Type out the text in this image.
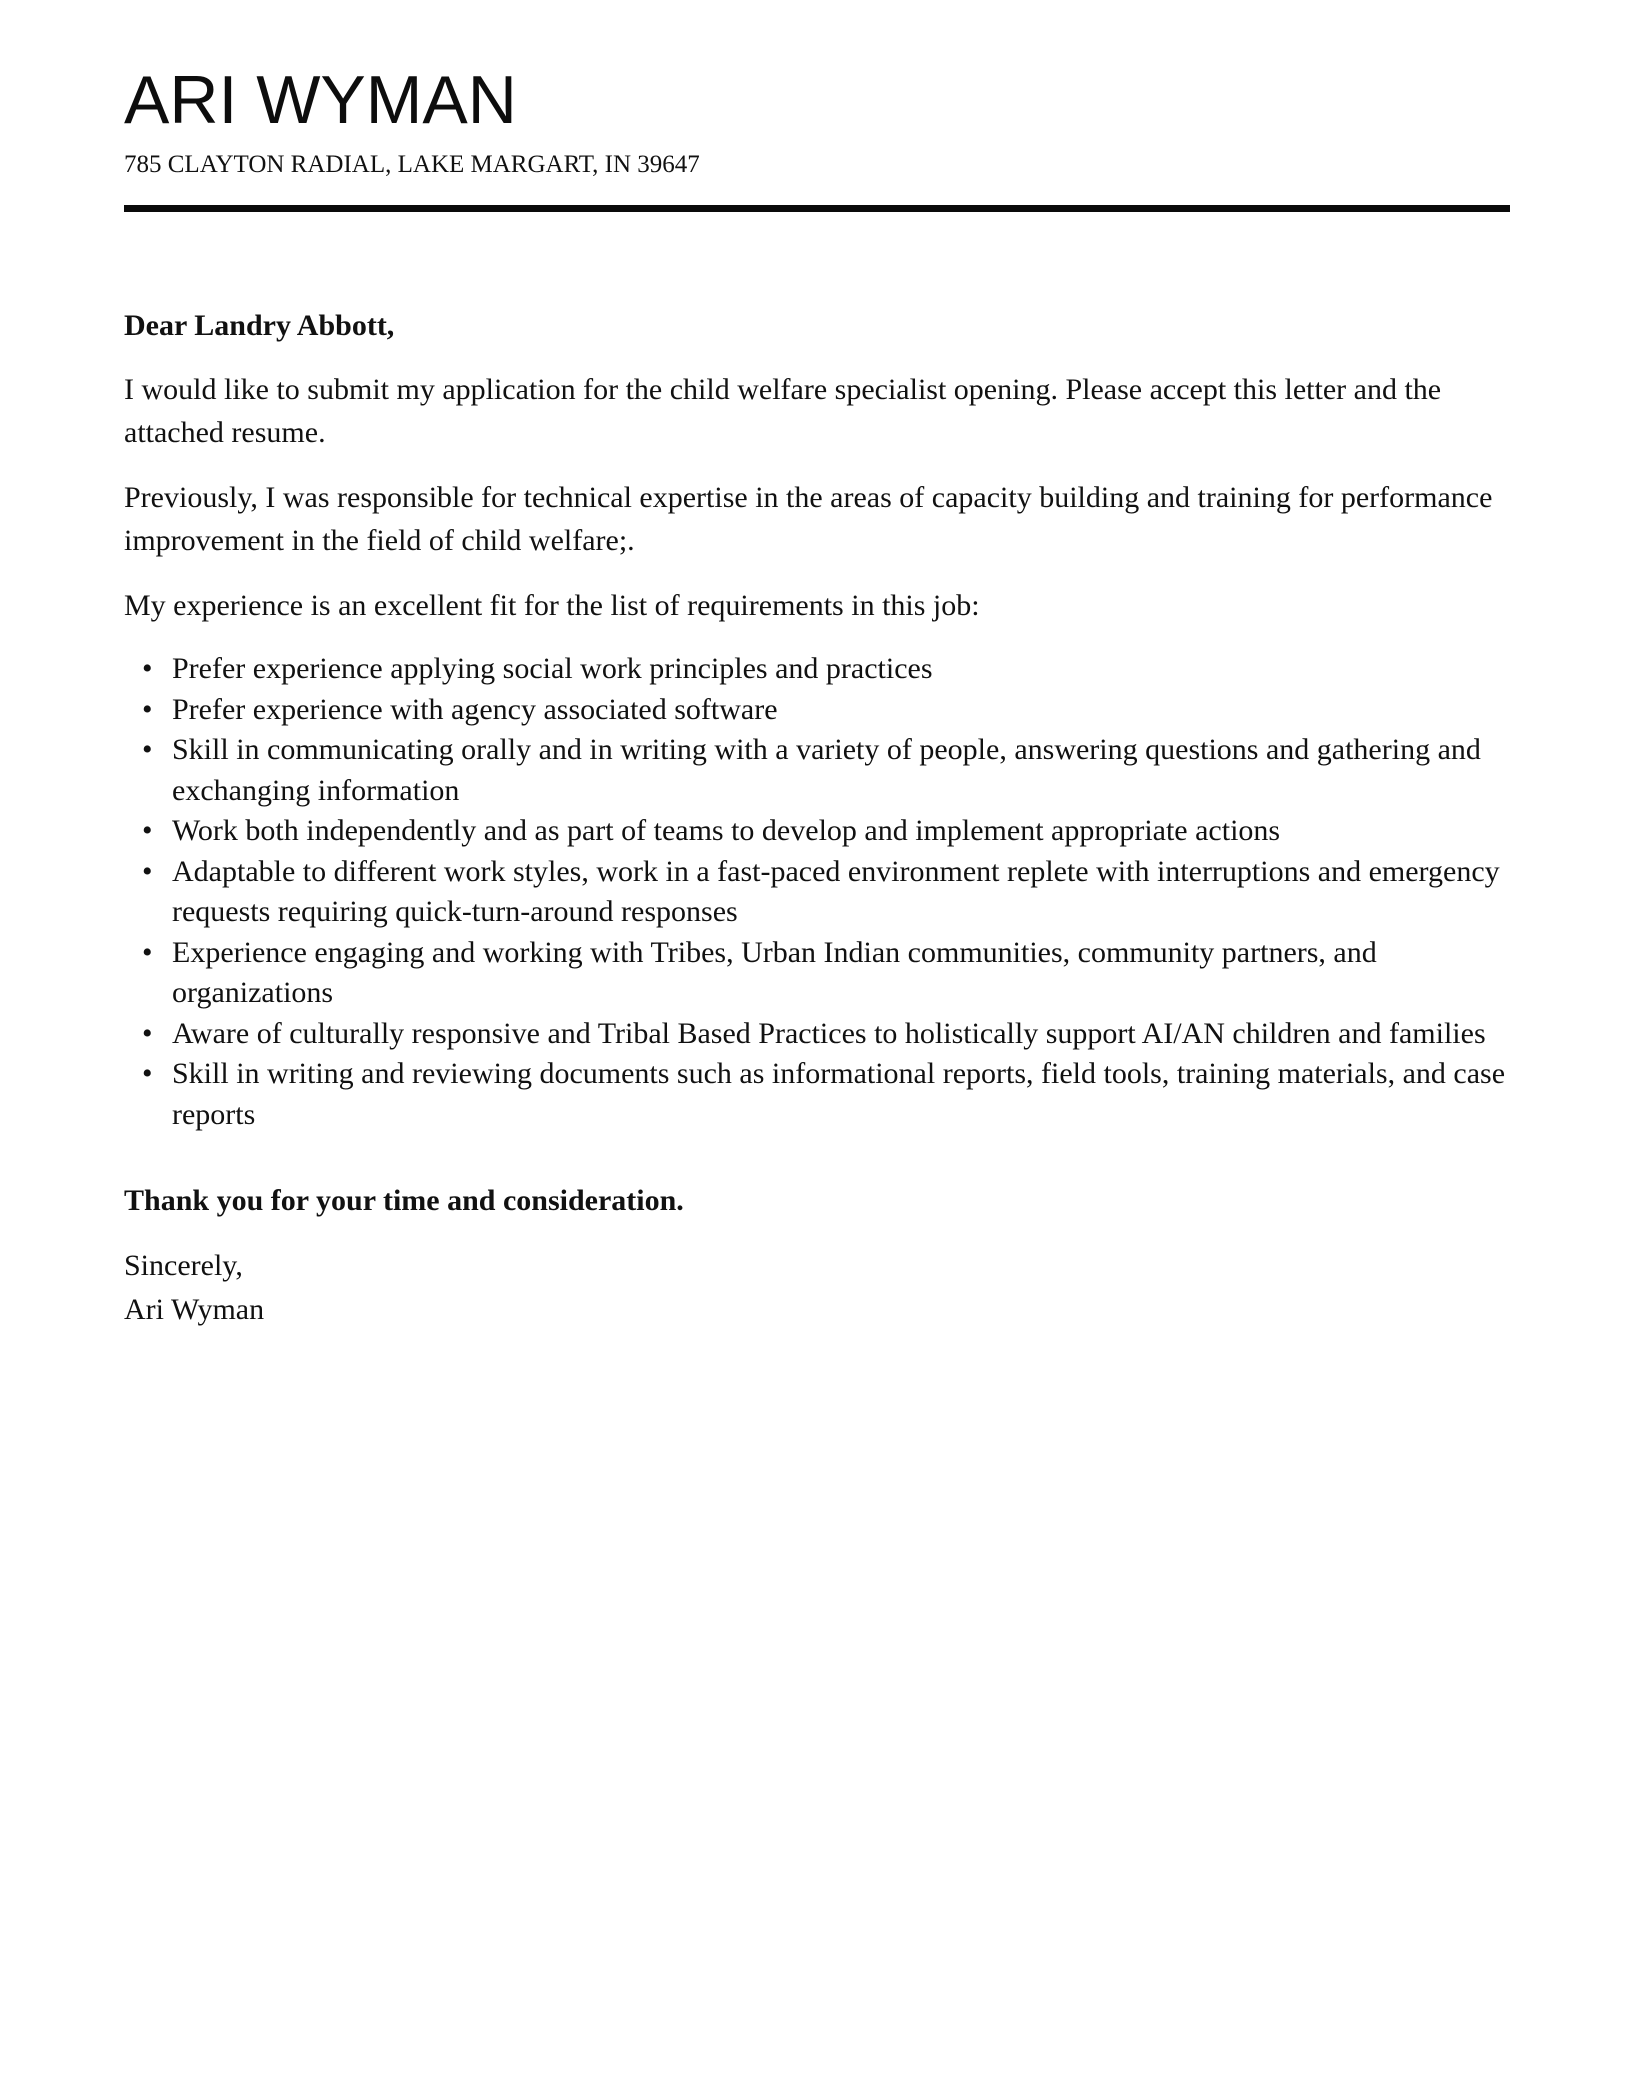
ARI WYMAN
785 CLAYTON RADIAL, LAKE MARGART, IN 39647

Dear Landry Abbott,

I would like to submit my application for the child welfare specialist opening. Please accept this letter and the attached resume.

Previously, I was responsible for technical expertise in the areas of capacity building and training for performance improvement in the field of child welfare;.

My experience is an excellent fit for the list of requirements in this job:

• Prefer experience applying social work principles and practices
• Prefer experience with agency associated software
• Skill in communicating orally and in writing with a variety of people, answering questions and gathering and exchanging information
• Work both independently and as part of teams to develop and implement appropriate actions
• Adaptable to different work styles, work in a fast-paced environment replete with interruptions and emergency requests requiring quick-turn-around responses
• Experience engaging and working with Tribes, Urban Indian communities, community partners, and organizations
• Aware of culturally responsive and Tribal Based Practices to holistically support AI/AN children and families
• Skill in writing and reviewing documents such as informational reports, field tools, training materials, and case reports

Thank you for your time and consideration.

Sincerely,

Ari Wyman
